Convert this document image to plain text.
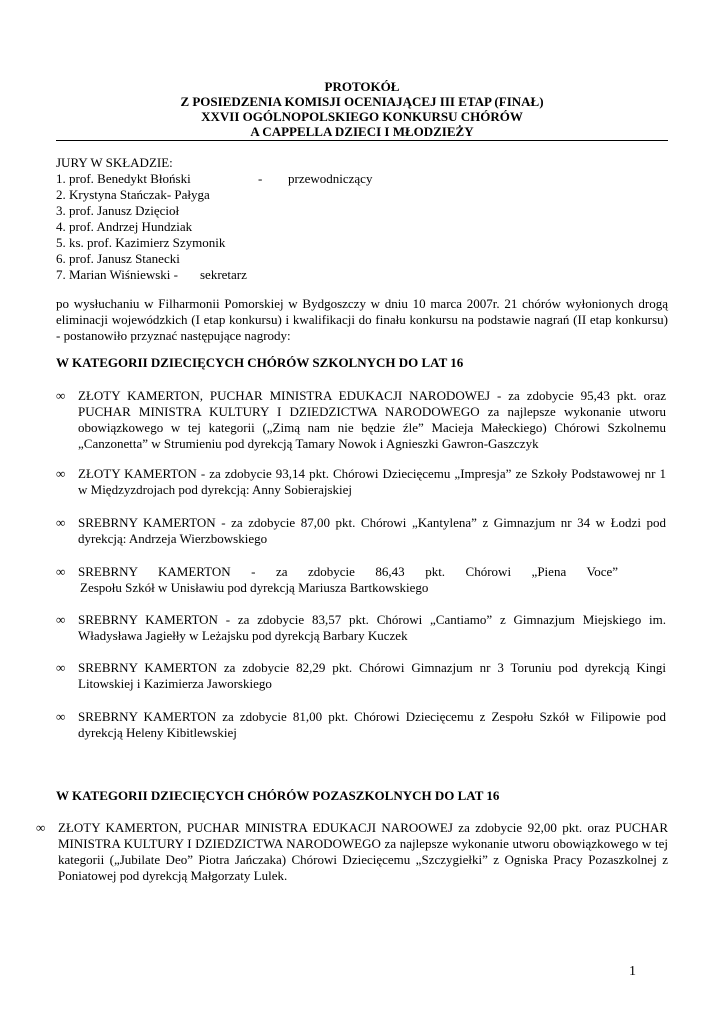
PROTOKÓŁ
Z POSIEDZENIA KOMISJI OCENIAJĄCEJ III ETAP (FINAŁ)
XXVII OGÓLNOPOLSKIEGO KONKURSU CHÓRÓW
A CAPPELLA DZIECI I MŁODZIEŻY
JURY W SKŁADZIE:
1. prof. Benedykt Błoński	-	przewodniczący
2. Krystyna Stańczak- Pałyga
3. prof. Janusz Dzięcioł
4. prof. Andrzej Hundziak
5. ks. prof. Kazimierz Szymonik
6. prof. Janusz Stanecki
7. Marian Wiśniewski -	sekretarz
po wysłuchaniu w Filharmonii Pomorskiej w Bydgoszczy w dniu 10 marca 2007r. 21 chórów wyłonionych drogą eliminacji wojewódzkich (I etap konkursu) i kwalifikacji do finału konkursu na podstawie nagrań (II etap konkursu) - postanowiło przyznać następujące nagrody:
W KATEGORII DZIECIĘCYCH CHÓRÓW SZKOLNYCH DO LAT 16
∞ ZŁOTY KAMERTON, PUCHAR MINISTRA EDUKACJI NARODOWEJ - za zdobycie 95,43 pkt. oraz PUCHAR MINISTRA KULTURY I DZIEDZICTWA NARODOWEGO za najlepsze wykonanie utworu obowiązkowego w tej kategorii („Zimą nam nie będzie źle” Macieja Małeckiego) Chórowi Szkolnemu „Canzonetta” w Strumieniu pod dyrekcją Tamary Nowok i Agnieszki Gawron-Gaszczyk
∞ ZŁOTY KAMERTON - za zdobycie 93,14 pkt. Chórowi Dziecięcemu „Impresja” ze Szkoły Podstawowej nr 1 w Międzyzdrojach pod dyrekcją: Anny Sobierajskiej
∞ SREBRNY KAMERTON - za zdobycie 87,00 pkt. Chórowi „Kantylena” z Gimnazjum nr 34 w Łodzi pod dyrekcją: Andrzeja Wierzbowskiego
∞ SREBRNY KAMERTON - za zdobycie 86,43 pkt. Chórowi „Piena Voce”
Zespołu Szkół w Unisławiu pod dyrekcją Mariusza Bartkowskiego
∞ SREBRNY KAMERTON - za zdobycie 83,57 pkt. Chórowi „Cantiamo” z Gimnazjum Miejskiego im. Władysława Jagiełły w Leżajsku pod dyrekcją Barbary Kuczek
∞ SREBRNY KAMERTON za zdobycie 82,29 pkt. Chórowi Gimnazjum nr 3 Toruniu pod dyrekcją Kingi Litowskiej i Kazimierza Jaworskiego
∞ SREBRNY KAMERTON za zdobycie 81,00 pkt. Chórowi Dziecięcemu z Zespołu Szkół w Filipowie pod dyrekcją Heleny Kibitlewskiej
W KATEGORII DZIECIĘCYCH CHÓRÓW POZASZKOLNYCH DO LAT 16
∞ ZŁOTY KAMERTON, PUCHAR MINISTRA EDUKACJI NAROOWEJ za zdobycie 92,00 pkt. oraz PUCHAR MINISTRA KULTURY I DZIEDZICTWA NARODOWEGO za najlepsze wykonanie utworu obowiązkowego w tej kategorii („Jubilate Deo” Piotra Jańczaka) Chórowi Dziecięcemu „Szczygiełki” z Ogniska Pracy Pozaszkolnej z Poniatowej pod dyrekcją Małgorzaty Lulek.
1
